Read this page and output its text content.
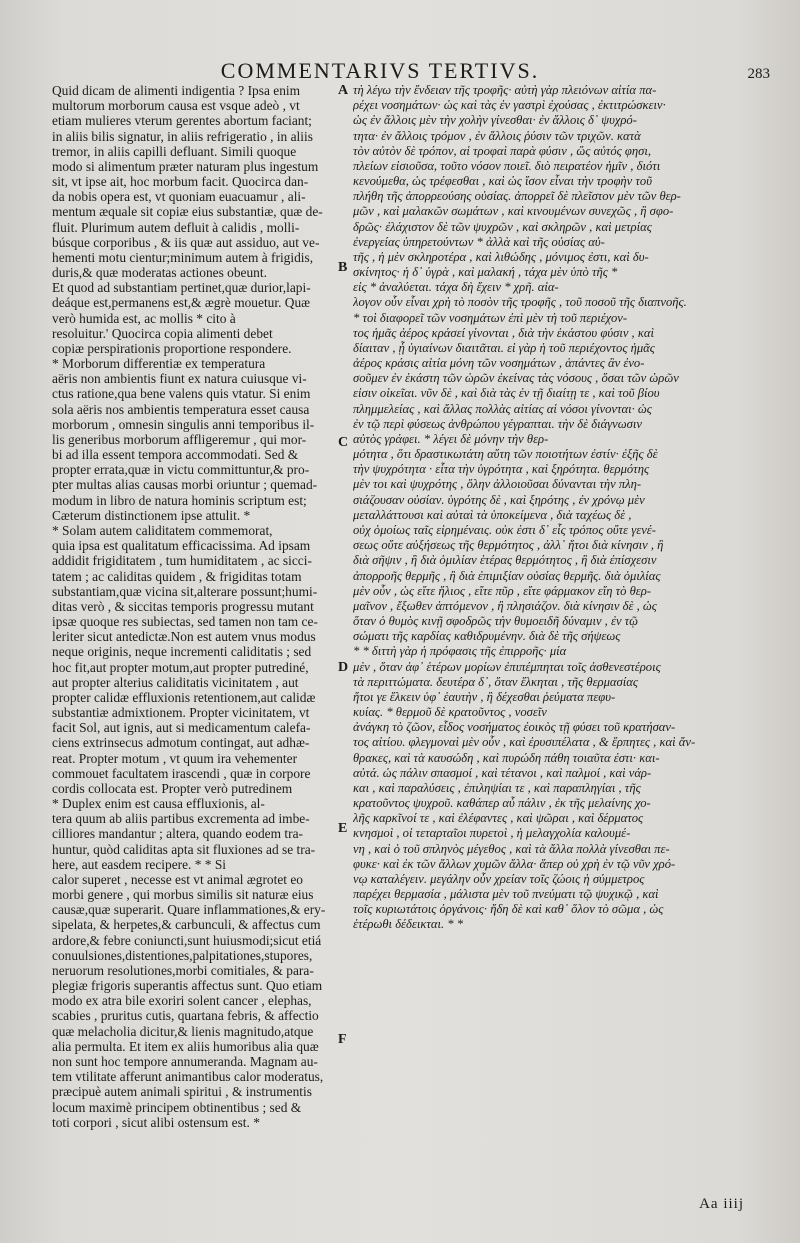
COMMENTARIVS TERTIVS.	283
Quid dicam de alimenti indigentia ? Ipsa enim
multorum morborum causa est vsque adeò , vt
etiam mulieres vterum gerentes abortum faciant;
in aliis bilis signatur, in aliis refrigeratio , in aliis
tremor, in aliis capilli defluant. Simili quoque
modo si alimentum præter naturam plus ingestum
sit, vt ipse ait, hoc morbum facit. Quocirca dan-
da nobis opera est, vt quoniam euacuamur , ali-
mentum æquale sit copiæ eius substantiæ, quæ de-
fluit. Plurimum autem defluit à calidis , molli-
búsque corporibus , & iis quæ aut assiduo, aut ve-
hementi motu cientur;minimum autem à frigidis,
duris,& quæ moderatas actiones obeunt.
Et quod ad substantiam pertinet,quæ durior,lapi-
deáque est,permanens est,& ægrè mouetur. Quæ
verò humida est, ac mollis * cito à
resoluitur.' Quocirca copia alimenti debet
copiæ perspirationis proportione respondere.
* Morborum differentiæ ex temperatura
aëris non ambientis fiunt ex natura cuiusque vi-
ctus ratione,qua bene valens quis vtatur. Si enim
sola aëris nos ambientis temperatura esset causa
morborum , omnesin singulis anni temporibus il-
lis generibus morborum affligeremur , qui mor-
bi ad illa essent tempora accommodati. Sed &
propter errata,quæ in victu committuntur,& pro-
pter multas alias causas morbi oriuntur ; quemad-
modum in libro de natura hominis scriptum est;
Cæterum distinctionem ipse attulit. *
* Solam autem caliditatem commemorat,
quia ipsa est qualitatum efficacissima. Ad ipsam
addidit frigiditatem , tum humiditatem , ac sicci-
tatem ; ac caliditas quidem , & frigiditas totam
substantiam,quæ vicina sit,alterare possunt;humi-
ditas verò , & siccitas temporis progressu mutant
ipsæ quoque res subiectas, sed tamen non tam ce-
leriter sicut antedictæ.Non est autem vnus modus
neque originis, neque incrementi caliditatis ; sed
hoc fit,aut propter motum,aut propter putrediné,
aut propter alterius caliditatis vicinitatem , aut
propter calidæ effluxionis retentionem,aut calidæ
substantiæ admixtionem. Propter vicinitatem, vt
facit Sol, aut ignis, aut si medicamentum calefa-
ciens extrinsecus admotum contingat, aut adhæ-
reat. Propter motum , vt quum ira vehementer
commouet facultatem irascendi , quæ in corpore
cordis collocata est. Propter verò putredinem
* Duplex enim est causa effluxionis, al-
tera quum ab aliis partibus excrementa ad imbe-
cilliores mandantur ; altera, quando eodem tra-
huntur, quòd caliditas apta sit fluxiones ad se tra-
here, aut easdem recipere. * * Si
calor superet , necesse est vt animal ægrotet eo
morbi genere , qui morbus similis sit naturæ eius
causæ,quæ superarit. Quare inflammationes,& ery-
sipelata, & herpetes,& carbunculi, & affectus cum
ardore,& febre coniuncti,sunt huiusmodi;sicut etiá
conuulsiones,distentiones,palpitationes,stupores,
neruorum resolutiones,morbi comitiales, & para-
plegiæ frigoris superantis affectus sunt. Quo etiam
modo ex atra bile exoriri solent cancer , elephas,
scabies , pruritus cutis, quartana febris, & affectio
quæ melacholia dicitur,& lienis magnitudo,atque
alia permulta. Et item ex aliis humoribus alia quæ
non sunt hoc tempore annumeranda. Magnam au-
tem vtilitate afferunt animantibus calor moderatus,
præcipuè autem animali spiritui , & instrumentis
locum maximè principem obtinentibus ; sed &
toti corpori , sicut alibi ostensum est. *
A
B
C
D
E
F
τὴ λέγω τὴν ἔνδειαν τῆς τροφῆς· αὐτὴ γὰρ πλειόνων αἰτία πα-
ρέχει νοσημάτων· ὡς καὶ τὰς ἐν γαστρὶ ἐχούσας , ἐκτιτρώσκειν·
ὡς ἐν ἄλλοις μὲν τὴν χολὴν γίνεσθαι· ἐν ἄλλοις δ᾽ ψυχρό-
τητα· ἐν ἄλλοις τρόμον , ἐν ἄλλοις ῥύσιν τῶν τριχῶν. κατὰ
τὸν αὐτὸν δὲ τρόπον, αἱ τροφαὶ παρὰ φύσιν , ὥς αὐτός φησι,
πλείων εἰσιοῦσα, τοῦτο νόσον ποιεῖ. διὸ πειρατέον ἡμῖν , διότι
κενούμεθα, ὡς τρέφεσθαι , καὶ ὡς ἴσον εἶναι τὴν τροφὴν τοῦ
πλήθη τῆς ἀπορρεούσης οὐσίας. ἀπορρεῖ δὲ πλεῖστον μὲν τῶν θερ-
μῶν , καὶ μαλακῶν σωμάτων , καὶ κινουμένων συνεχῶς , ἢ σφο-
δρῶς· ἐλάχιστον δὲ τῶν ψυχρῶν , καὶ σκληρῶν , καὶ μετρίας
ἐνεργείας ὑπηρετούντων * ἀλλὰ καὶ τῆς οὐσίας αὐ-
τῆς , ἡ μὲν σκληροτέρα , καὶ λιθώδης , μόνιμος ἐστι, καὶ δυ-
σκίνητος· ἡ δ᾽ ὑγρὰ , καὶ μαλακή , τάχα μὲν ὑπὸ τῆς *
εἰς * ἀναλύεται. τάχα δὴ ἔχειν * χρῆ. αἰα-
λογον οὖν εἶναι χρὴ τὸ ποσὸν τῆς τροφῆς , τοῦ ποσοῦ τῆς διαπνοῆς.
* τοὶ διαφορεῖ τῶν νοσημάτων ἐπὶ μὲν τὴ τοῦ περιέχον-
τος ἡμᾶς ἀέρος κράσεί γίνονται , διὰ τὴν ἑκάστου φύσιν , καὶ
δίαιταν , ᾗ ὑγιαίνων διαιτᾶται. εἰ γὰρ ἡ τοῦ περιέχοντος ἡμᾶς
ἀέρος κράσις αἰτία μόνη τῶν νοσημάτων , ἁπάντες ἂν ἐνο-
σοῦμεν ἐν ἑκάστη τῶν ὡρῶν ἐκείνας τὰς νόσους , ὅσαι τῶν ὡρῶν
εἰσιν οἰκεῖαι. νῦν δὲ , καὶ διὰ τὰς ἐν τῇ διαίτῃ τε , καὶ τοῦ βίου
πλημμελείας , καὶ ἄλλας πολλὰς αἰτίας αἱ νόσοι γίνονται· ὡς
ἐν τῷ περὶ φύσεως ἀνθρώπου γέγραπται. τὴν δὲ διάγνωσιν
αὐτὸς γράφει. * λέγει δὲ μόνην τὴν θερ-
μότητα , ὅτι δραστικωτάτη αὕτη τῶν ποιοτήτων ἐστίν· ἐξῆς δὲ
τὴν ψυχρότητα · εἶτα τὴν ὑγρότητα , καὶ ξηρότητα. θερμότης
μὲν τοι καὶ ψυχρότης , ὅλην ἀλλοιοῦσαι δύνανται τὴν πλη-
σιάζουσαν οὐσίαν. ὑγρότης δὲ , καὶ ξηρότης , ἐν χρόνῳ μὲν
μεταλλάττουσι καὶ αὐταὶ τὰ ὑποκείμενα , διὰ ταχέως δὲ ,
οὐχ ὁμοίως ταῖς εἰρημέναις. οὐκ ἐστι δ᾽ εἷς τρόπος οὔτε γενέ-
σεως οὔτε αὐξήσεως τῆς θερμότητος , ἀλλ᾽ ἤτοι διὰ κίνησιν , ἢ
διὰ σῆψιν , ἢ διὰ ὁμιλίαν ἑτέρας θερμότητος , ἢ διὰ ἐπίσχεσιν
ἀπορροῆς θερμῆς , ἢ διὰ ἐπιμιξίαν οὐσίας θερμῆς. διὰ ὁμιλίας
μὲν οὖν , ὡς εἴτε ἥλιος , εἴτε πῦρ , εἴτε φάρμακον εἴη τὸ θερ-
μαῖνον , ἔξωθεν ἁπτόμενον , ἢ πλησιάζον. διὰ κίνησιν δὲ , ὡς
ὅταν ὁ θυμὸς κινῇ σφοδρῶς τὴν θυμοειδῆ δύναμιν , ἐν τῷ
σώματι τῆς καρδίας καθιδρυμένην. διὰ δὲ τῆς σήψεως
* * διττὴ γὰρ ἡ πρόφασις τῆς ἐπιρροῆς· μία
μὲν , ὅταν ἀφ᾽ ἑτέρων μορίων ἐπιπέμπηται τοῖς ἀσθενεστέροις
τὰ περιττώματα. δευτέρα δ᾽, ὅταν ἕλκηται , τῆς θερμασίας
ἥτοι γε ἕλκειν ὑφ᾽ ἑαυτὴν , ἢ δέχεσθαι ῥεύματα πεφυ-
κυίας. * θερμοῦ δὲ κρατοῦντος , νοσεῖν
ἀνάγκη τὸ ζῶον, εἶδος νοσήματος ἐοικὸς τῇ φύσει τοῦ κρατήσαν-
τος αἰτίου. φλεγμοναὶ μὲν οὖν , καὶ ἐρυσιπέλατα , & ἕρπητες , καὶ ἄν-
θρακες, καὶ τὰ καυσώδη , καὶ πυρώδη πάθη τοιαῦτα ἐστι· και-
αὐτά. ὡς πάλιν σπασμοί , καὶ τέτανοι , καὶ παλμοί , καὶ νάρ-
και , καὶ παραλύσεις , ἐπιληψίαι τε , καὶ παραπληγίαι , τῆς
κρατοῦντος ψυχροῦ. καθάπερ αὖ πάλιν , ἐκ τῆς μελαίνης χο-
λῆς καρκῖνοί τε , καὶ ἐλέφαντες , καὶ ψῶραι , καὶ δέρματος
κνησμοὶ , οἱ τεταρταῖοι πυρετοὶ , ἡ μελαγχολία καλουμέ-
νη , καὶ ὁ τοῦ σπληνὸς μέγεθος , καὶ τὰ ἄλλα πολλὰ γίνεσθαι πε-
φυκε· καὶ ἐκ τῶν ἄλλων χυμῶν ἄλλα· ἅπερ οὐ χρὴ ἐν τῷ νῦν χρό-
νῳ καταλέγειν. μεγάλην οὖν χρείαν τοῖς ζώοις ἡ σύμμετρος
παρέχει θερμασία , μάλιστα μὲν τοῦ πνεύματι τῷ ψυχικῷ , καὶ
τοῖς κυριωτάτοις ὀργάνοις· ἤδη δὲ καὶ καθ᾽ ὅλον τὸ σῶμα , ὡς
ἑτέρωθι δέδεικται. * *
Aa iiij
